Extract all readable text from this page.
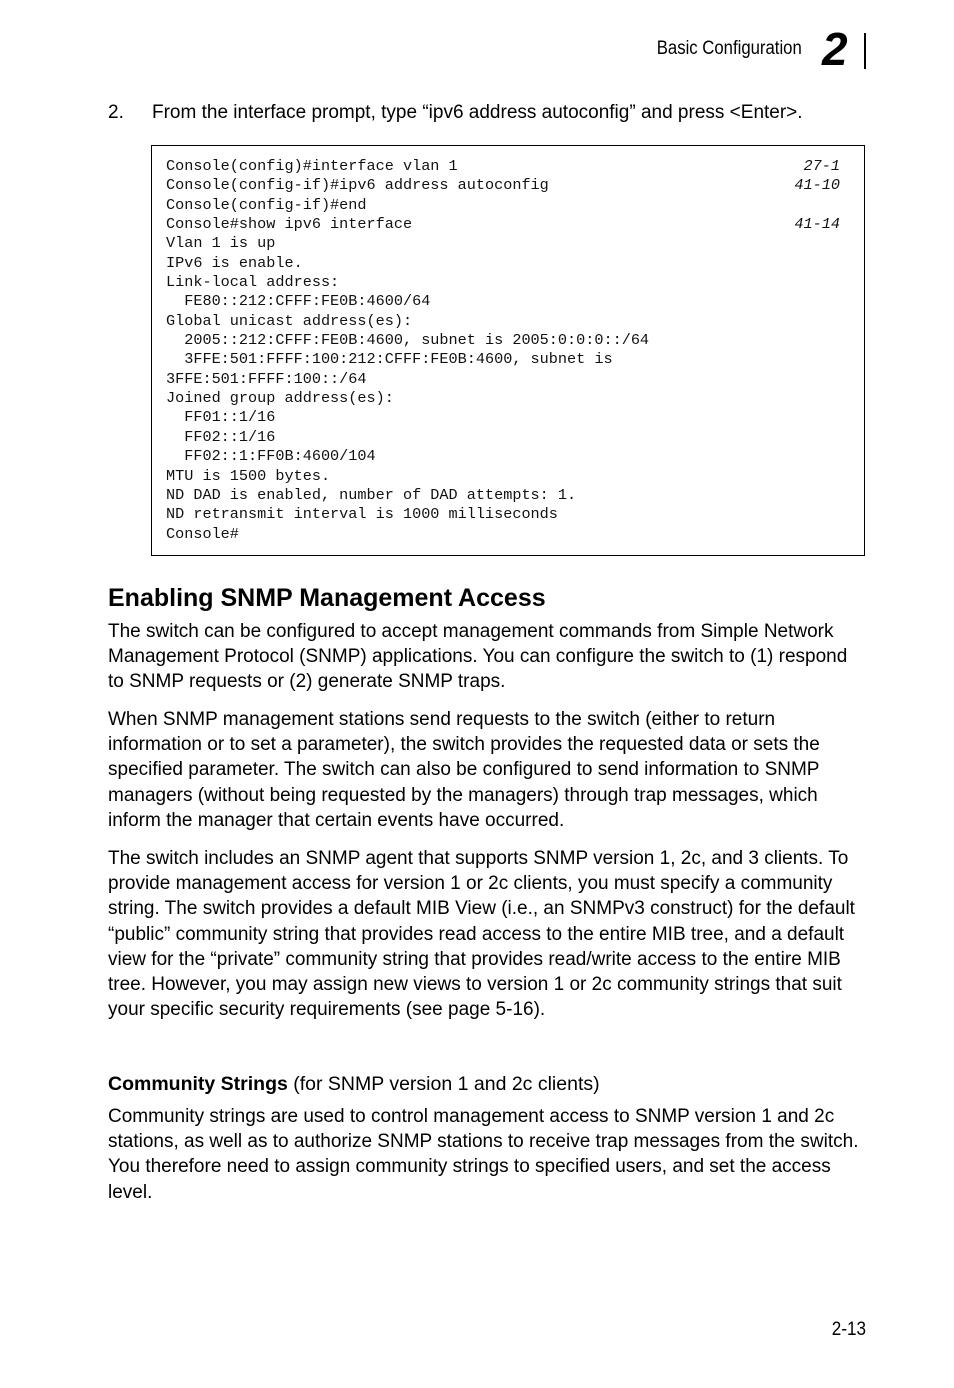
Basic Configuration 2
2. From the interface prompt, type “ipv6 address autoconfig” and press <Enter>.
Console(config)#interface vlan 1	27-1
Console(config-if)#ipv6 address autoconfig	41-10
Console(config-if)#end
Console#show ipv6 interface	41-14
Vlan 1 is up
IPv6 is enable.
Link-local address:
FE80::212:CFFF:FE0B:4600/64
Global unicast address(es):
2005::212:CFFF:FE0B:4600, subnet is 2005:0:0:0::/64
3FFE:501:FFFF:100:212:CFFF:FE0B:4600, subnet is
3FFE:501:FFFF:100::/64
Joined group address(es):
FF01::1/16
FF02::1/16
FF02::1:FF0B:4600/104
MTU is 1500 bytes.
ND DAD is enabled, number of DAD attempts: 1.
ND retransmit interval is 1000 milliseconds
Console#
Enabling SNMP Management Access

The switch can be configured to accept management commands from Simple Network Management Protocol (SNMP) applications. You can configure the switch to (1) respond to SNMP requests or (2) generate SNMP traps.

When SNMP management stations send requests to the switch (either to return information or to set a parameter), the switch provides the requested data or sets the specified parameter. The switch can also be configured to send information to SNMP managers (without being requested by the managers) through trap messages, which inform the manager that certain events have occurred.

The switch includes an SNMP agent that supports SNMP version 1, 2c, and 3 clients. To provide management access for version 1 or 2c clients, you must specify a community string. The switch provides a default MIB View (i.e., an SNMPv3 construct) for the default “public” community string that provides read access to the entire MIB tree, and a default view for the “private” community string that provides read/write access to the entire MIB tree. However, you may assign new views to version 1 or 2c community strings that suit your specific security requirements (see page 5-16).

Community Strings (for SNMP version 1 and 2c clients)

Community strings are used to control management access to SNMP version 1 and 2c stations, as well as to authorize SNMP stations to receive trap messages from the switch. You therefore need to assign community strings to specified users, and set the access level.

2-13
